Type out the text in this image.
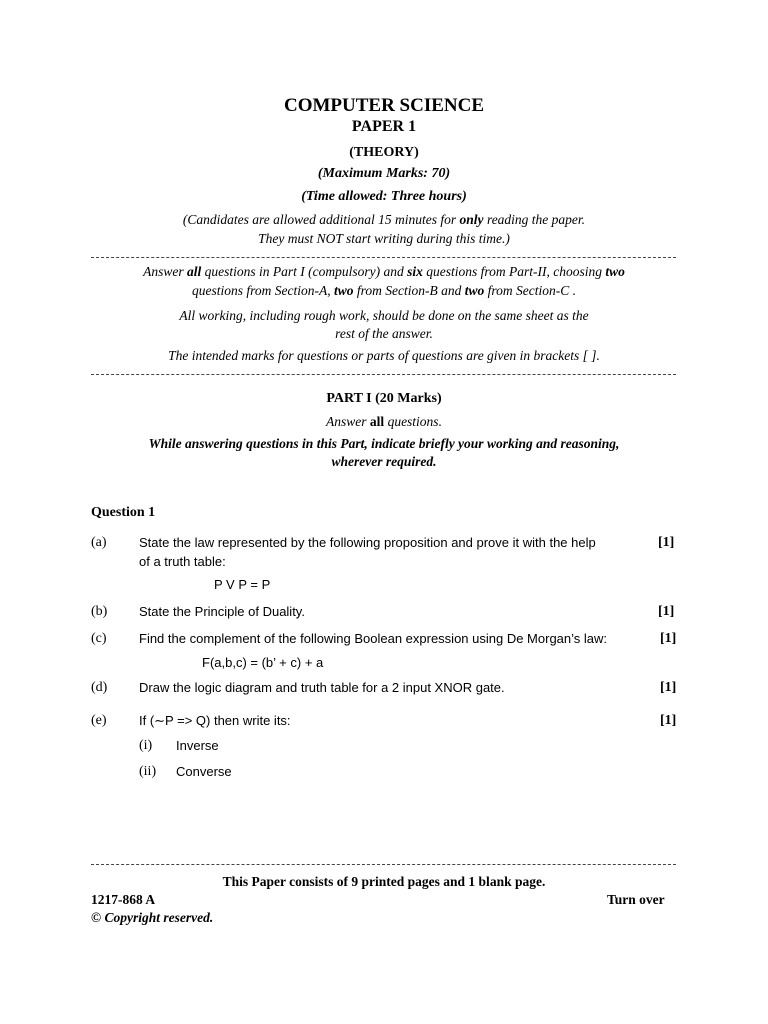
COMPUTER SCIENCE
PAPER 1
(THEORY)
(Maximum Marks: 70)
(Time allowed: Three hours)
(Candidates are allowed additional 15 minutes for only reading the paper.
They must NOT start writing during this time.)
Answer all questions in Part I (compulsory) and six questions from Part-II, choosing two
questions from Section-A, two from Section-B and two from Section-C .
All working, including rough work, should be done on the same sheet as the
rest of the answer.
The intended marks for questions or parts of questions are given in brackets [ ].
PART I (20 Marks)
Answer all questions.
While answering questions in this Part, indicate briefly your working and reasoning,
wherever required.
Question 1
(a) State the law represented by the following proposition and prove it with the help	[1]
of a truth table:
P V P = P
(b) State the Principle of Duality.	[1]
(c) Find the complement of the following Boolean expression using De Morgan’s law:	[1]
F(a,b,c) = (b’ + c) + a
(d) Draw the logic diagram and truth table for a 2 input XNOR gate.	[1]
(e) If (∼P => Q) then write its:	[1]
(i) Inverse
(ii) Converse
This Paper consists of 9 printed pages and 1 blank page.
1217-868 A	Turn over
© Copyright reserved.
